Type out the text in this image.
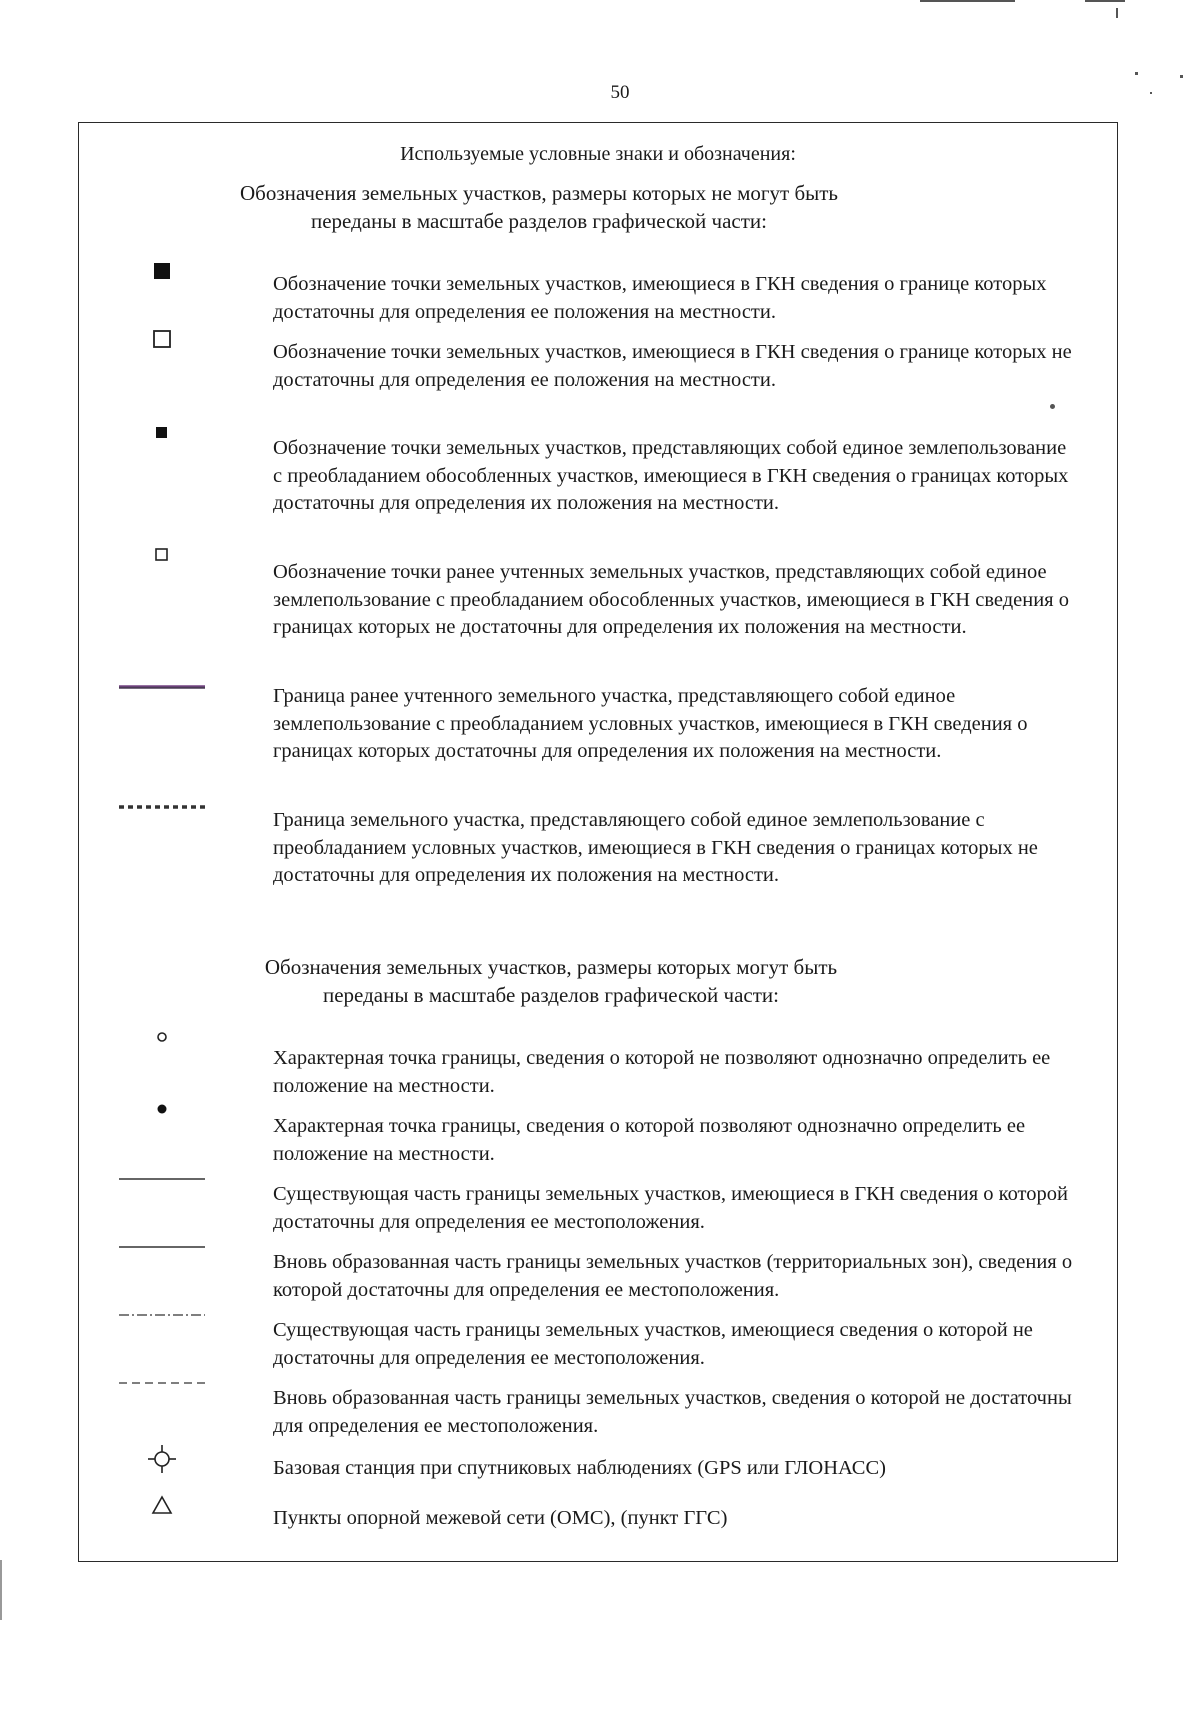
50
Используемые условные знаки и обозначения:
Обозначения земельных участков, размеры которых не могут быть
переданы в масштабе разделов графической части:

Обозначение точки земельных участков, имеющиеся в ГКН сведения о границе которых достаточны для определения ее положения на местности.

Обозначение точки земельных участков, имеющиеся в ГКН сведения о границе которых не достаточны для определения ее положения на местности.

Обозначение точки земельных участков, представляющих собой единое землепользование с преобладанием обособленных участков, имеющиеся в ГКН сведения о границах которых достаточны для определения их положения на местности.

Обозначение точки ранее учтенных земельных участков, представляющих собой единое землепользование с преобладанием обособленных участков, имеющиеся в ГКН сведения о границах которых не достаточны для определения их положения на местности.

Граница ранее учтенного земельного участка, представляющего собой единое землепользование с преобладанием условных участков, имеющиеся в ГКН сведения о границах которых достаточны для определения их положения на местности.

Граница земельного участка, представляющего собой единое землепользование с преобладанием условных участков, имеющиеся в ГКН сведения о границах которых не достаточны для определения их положения на местности.

Обозначения земельных участков, размеры которых могут быть
переданы в масштабе разделов графической части:

Характерная точка границы, сведения о которой не позволяют однозначно определить ее положение на местности.

Характерная точка границы, сведения о которой позволяют однозначно определить ее положение на местности.

Существующая часть границы земельных участков, имеющиеся в ГКН сведения о которой достаточны для определения ее местоположения.

Вновь образованная часть границы земельных участков (территориальных зон), сведения о которой достаточны для определения ее местоположения.

Существующая часть границы земельных участков, имеющиеся сведения о которой не достаточны для определения ее местоположения.

Вновь образованная часть границы земельных участков, сведения о которой не достаточны для определения ее местоположения.

Базовая станция при спутниковых наблюдениях (GPS или ГЛОНАСС)

Пункты опорной межевой сети (ОМС), (пункт ГГС)
